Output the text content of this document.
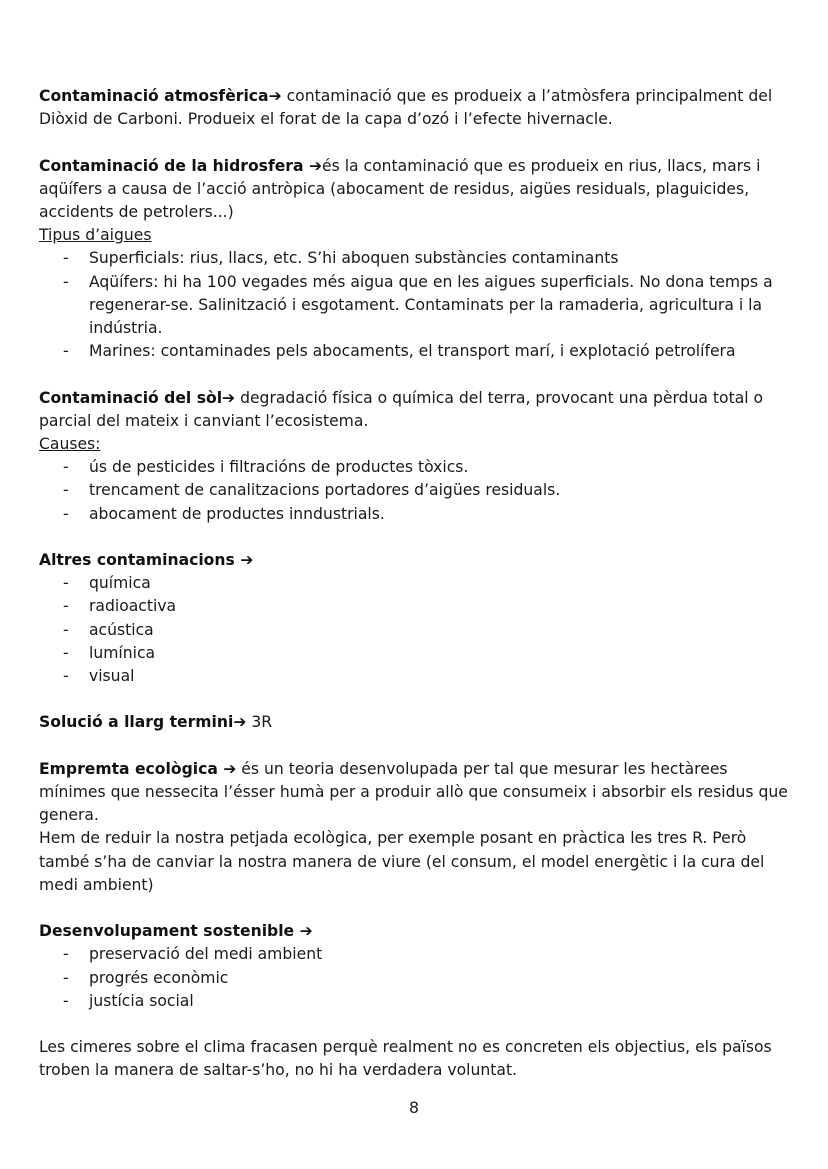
Contaminació atmosfèrica➔ contaminació que es produeix a l’atmòsfera principalment del Diòxid de Carboni. Produeix el forat de la capa d’ozó i l’efecte hivernacle.

Contaminació de la hidrosfera ➔és la contaminació que es produeix en rius, llacs, mars i aqüífers a causa de l’acció antròpica (abocament de residus, aigües residuals, plaguicides, accidents de petrolers...)

Tipus d’aigues

- Superficials: rius, llacs, etc. S’hi aboquen substàncies contaminants
- Aqüífers: hi ha 100 vegades més aigua que en les aigues superficials. No dona temps a regenerar-se. Salinització i esgotament. Contaminats per la ramaderia, agricultura i la indústria.
- Marines: contaminades pels abocaments, el transport marí, i explotació petrolífera

Contaminació del sòl➔ degradació física o química del terra, provocant una pèrdua total o parcial del mateix i canviant l’ecosistema.

Causes:

- ús de pesticides i filtracións de productes tòxics.
- trencament de canalitzacions portadores d’aigües residuals.
- abocament de productes inndustrials.

Altres contaminacions ➔

- química
- radioactiva
- acústica
- lumínica
- visual

Solució a llarg termini➔ 3R

Empremta ecològica ➔ és un teoria desenvolupada per tal que mesurar les hectàrees mínimes que nessecita l’ésser humà per a produir allò que consumeix i absorbir els residus que genera.

Hem de reduir la nostra petjada ecològica, per exemple posant en pràctica les tres R. Però també s’ha de canviar la nostra manera de viure (el consum, el model energètic i la cura del medi ambient)

Desenvolupament sostenible ➔

- preservació del medi ambient
- progrés econòmic
- justícia social

Les cimeres sobre el clima fracasen perquè realment no es concreten els objectius, els països troben la manera de saltar-s’ho, no hi ha verdadera voluntat.

8
